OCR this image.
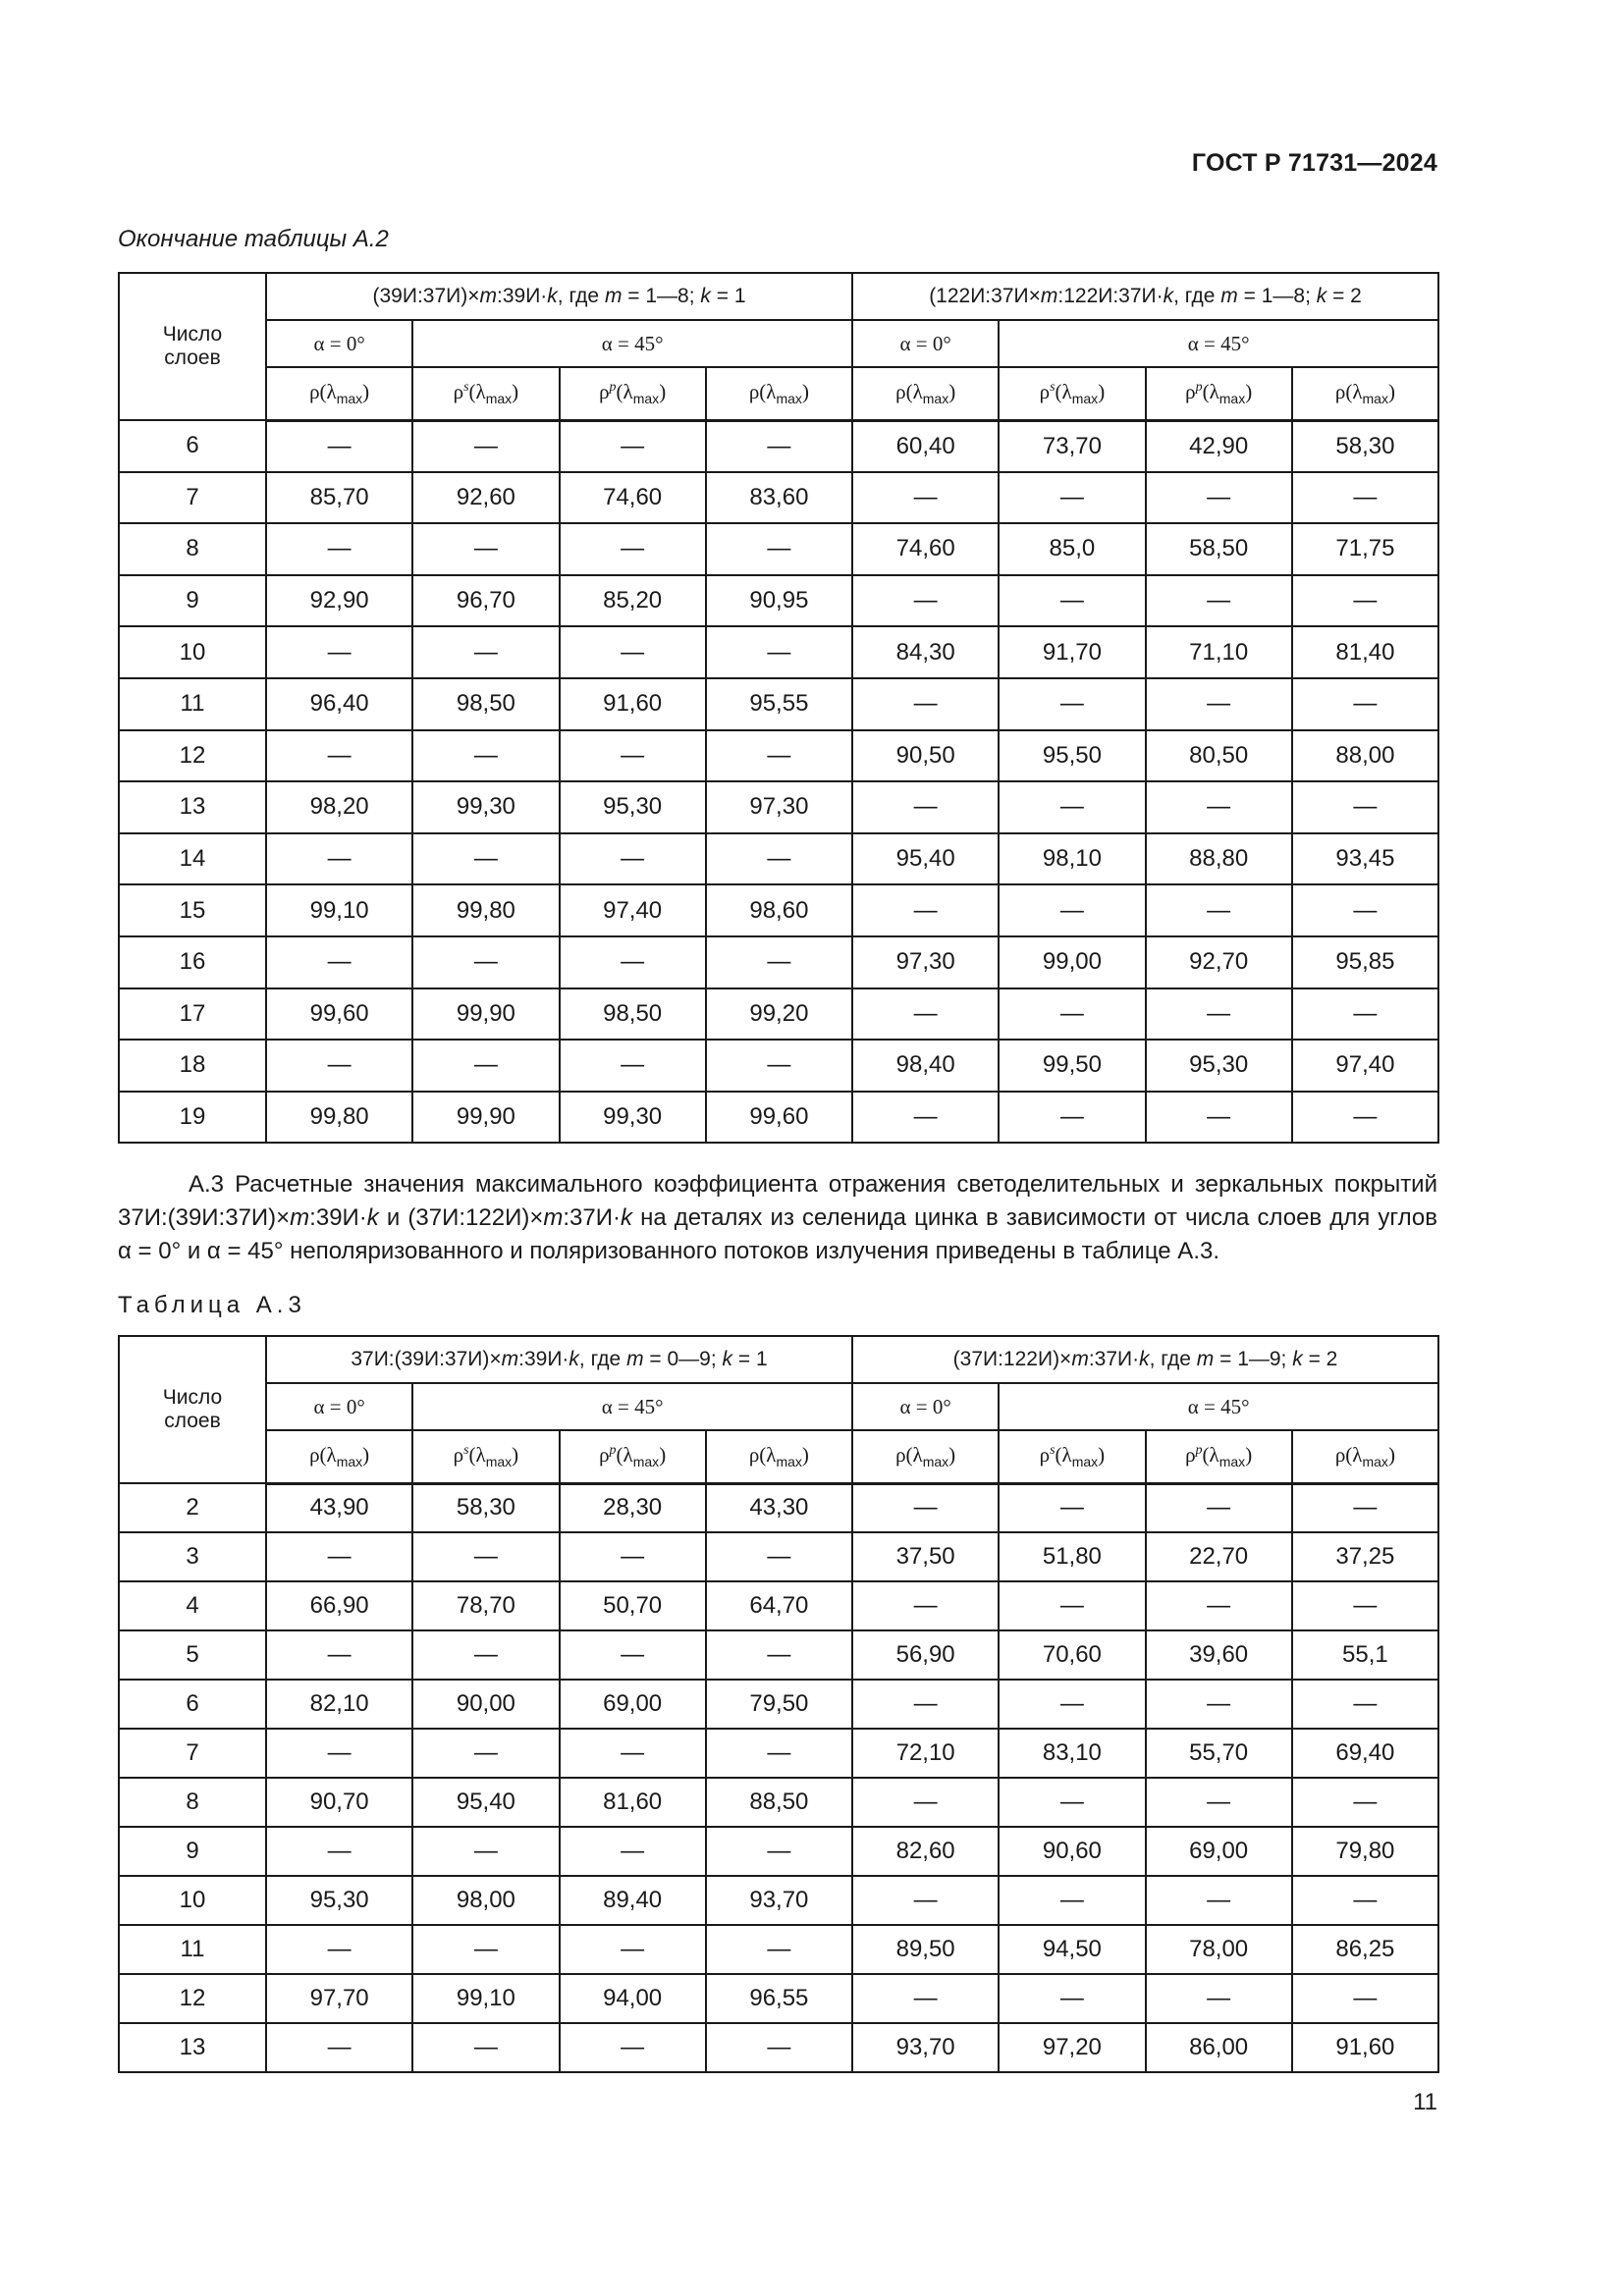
ГОСТ Р 71731—2024
Окончание таблицы А.2
Число слоев	(39И:37И)×m:39И·k, где m = 1—8; k = 1				(122И:37И×m:122И:37И·k, где m = 1—8; k = 2			
	α = 0°	α = 45°			α = 0°	α = 45°		
	$\rho(\lambda_{max})$	$\rho^s(\lambda_{max})$	$\rho^p(\lambda_{max})$	$\rho(\lambda_{max})$	$\rho(\lambda_{max})$	$\rho^s(\lambda_{max})$	$\rho^p(\lambda_{max})$	$\rho(\lambda_{max})$
6	—	—	—	—	60,40	73,70	42,90	58,30
7	85,70	92,60	74,60	83,60	—	—	—	—
8	—	—	—	—	74,60	85,0	58,50	71,75
9	92,90	96,70	85,20	90,95	—	—	—	—
10	—	—	—	—	84,30	91,70	71,10	81,40
11	96,40	98,50	91,60	95,55	—	—	—	—
12	—	—	—	—	90,50	95,50	80,50	88,00
13	98,20	99,30	95,30	97,30	—	—	—	—
14	—	—	—	—	95,40	98,10	88,80	93,45
15	99,10	99,80	97,40	98,60	—	—	—	—
16	—	—	—	—	97,30	99,00	92,70	95,85
17	99,60	99,90	98,50	99,20	—	—	—	—
18	—	—	—	—	98,40	99,50	95,30	97,40
19	99,80	99,90	99,30	99,60	—	—	—	—
А.3 Расчетные значения максимального коэффициента отражения светоделительных и зеркальных покрытий 37И:(39И:37И)×m:39И·k и (37И:122И)×m:37И·k на деталях из селенида цинка в зависимости от числа слоев для углов α = 0° и α = 45° неполяризованного и поляризованного потоков излучения приведены в таблице А.3.
Таблица А.3
Число слоев	37И:(39И:37И)×m:39И·k, где m = 0—9; k = 1				(37И:122И)×m:37И·k, где m = 1—9; k = 2			
	α = 0°	α = 45°			α = 0°	α = 45°		
	$\rho(\lambda_{max})$	$\rho^s(\lambda_{max})$	$\rho^p(\lambda_{max})$	$\rho(\lambda_{max})$	$\rho(\lambda_{max})$	$\rho^s(\lambda_{max})$	$\rho^p(\lambda_{max})$	$\rho(\lambda_{max})$
2	43,90	58,30	28,30	43,30	—	—	—	—
3	—	—	—	—	37,50	51,80	22,70	37,25
4	66,90	78,70	50,70	64,70	—	—	—	—
5	—	—	—	—	56,90	70,60	39,60	55,1
6	82,10	90,00	69,00	79,50	—	—	—	—
7	—	—	—	—	72,10	83,10	55,70	69,40
8	90,70	95,40	81,60	88,50	—	—	—	—
9	—	—	—	—	82,60	90,60	69,00	79,80
10	95,30	98,00	89,40	93,70	—	—	—	—
11	—	—	—	—	89,50	94,50	78,00	86,25
12	97,70	99,10	94,00	96,55	—	—	—	—
13	—	—	—	—	93,70	97,20	86,00	91,60
11
